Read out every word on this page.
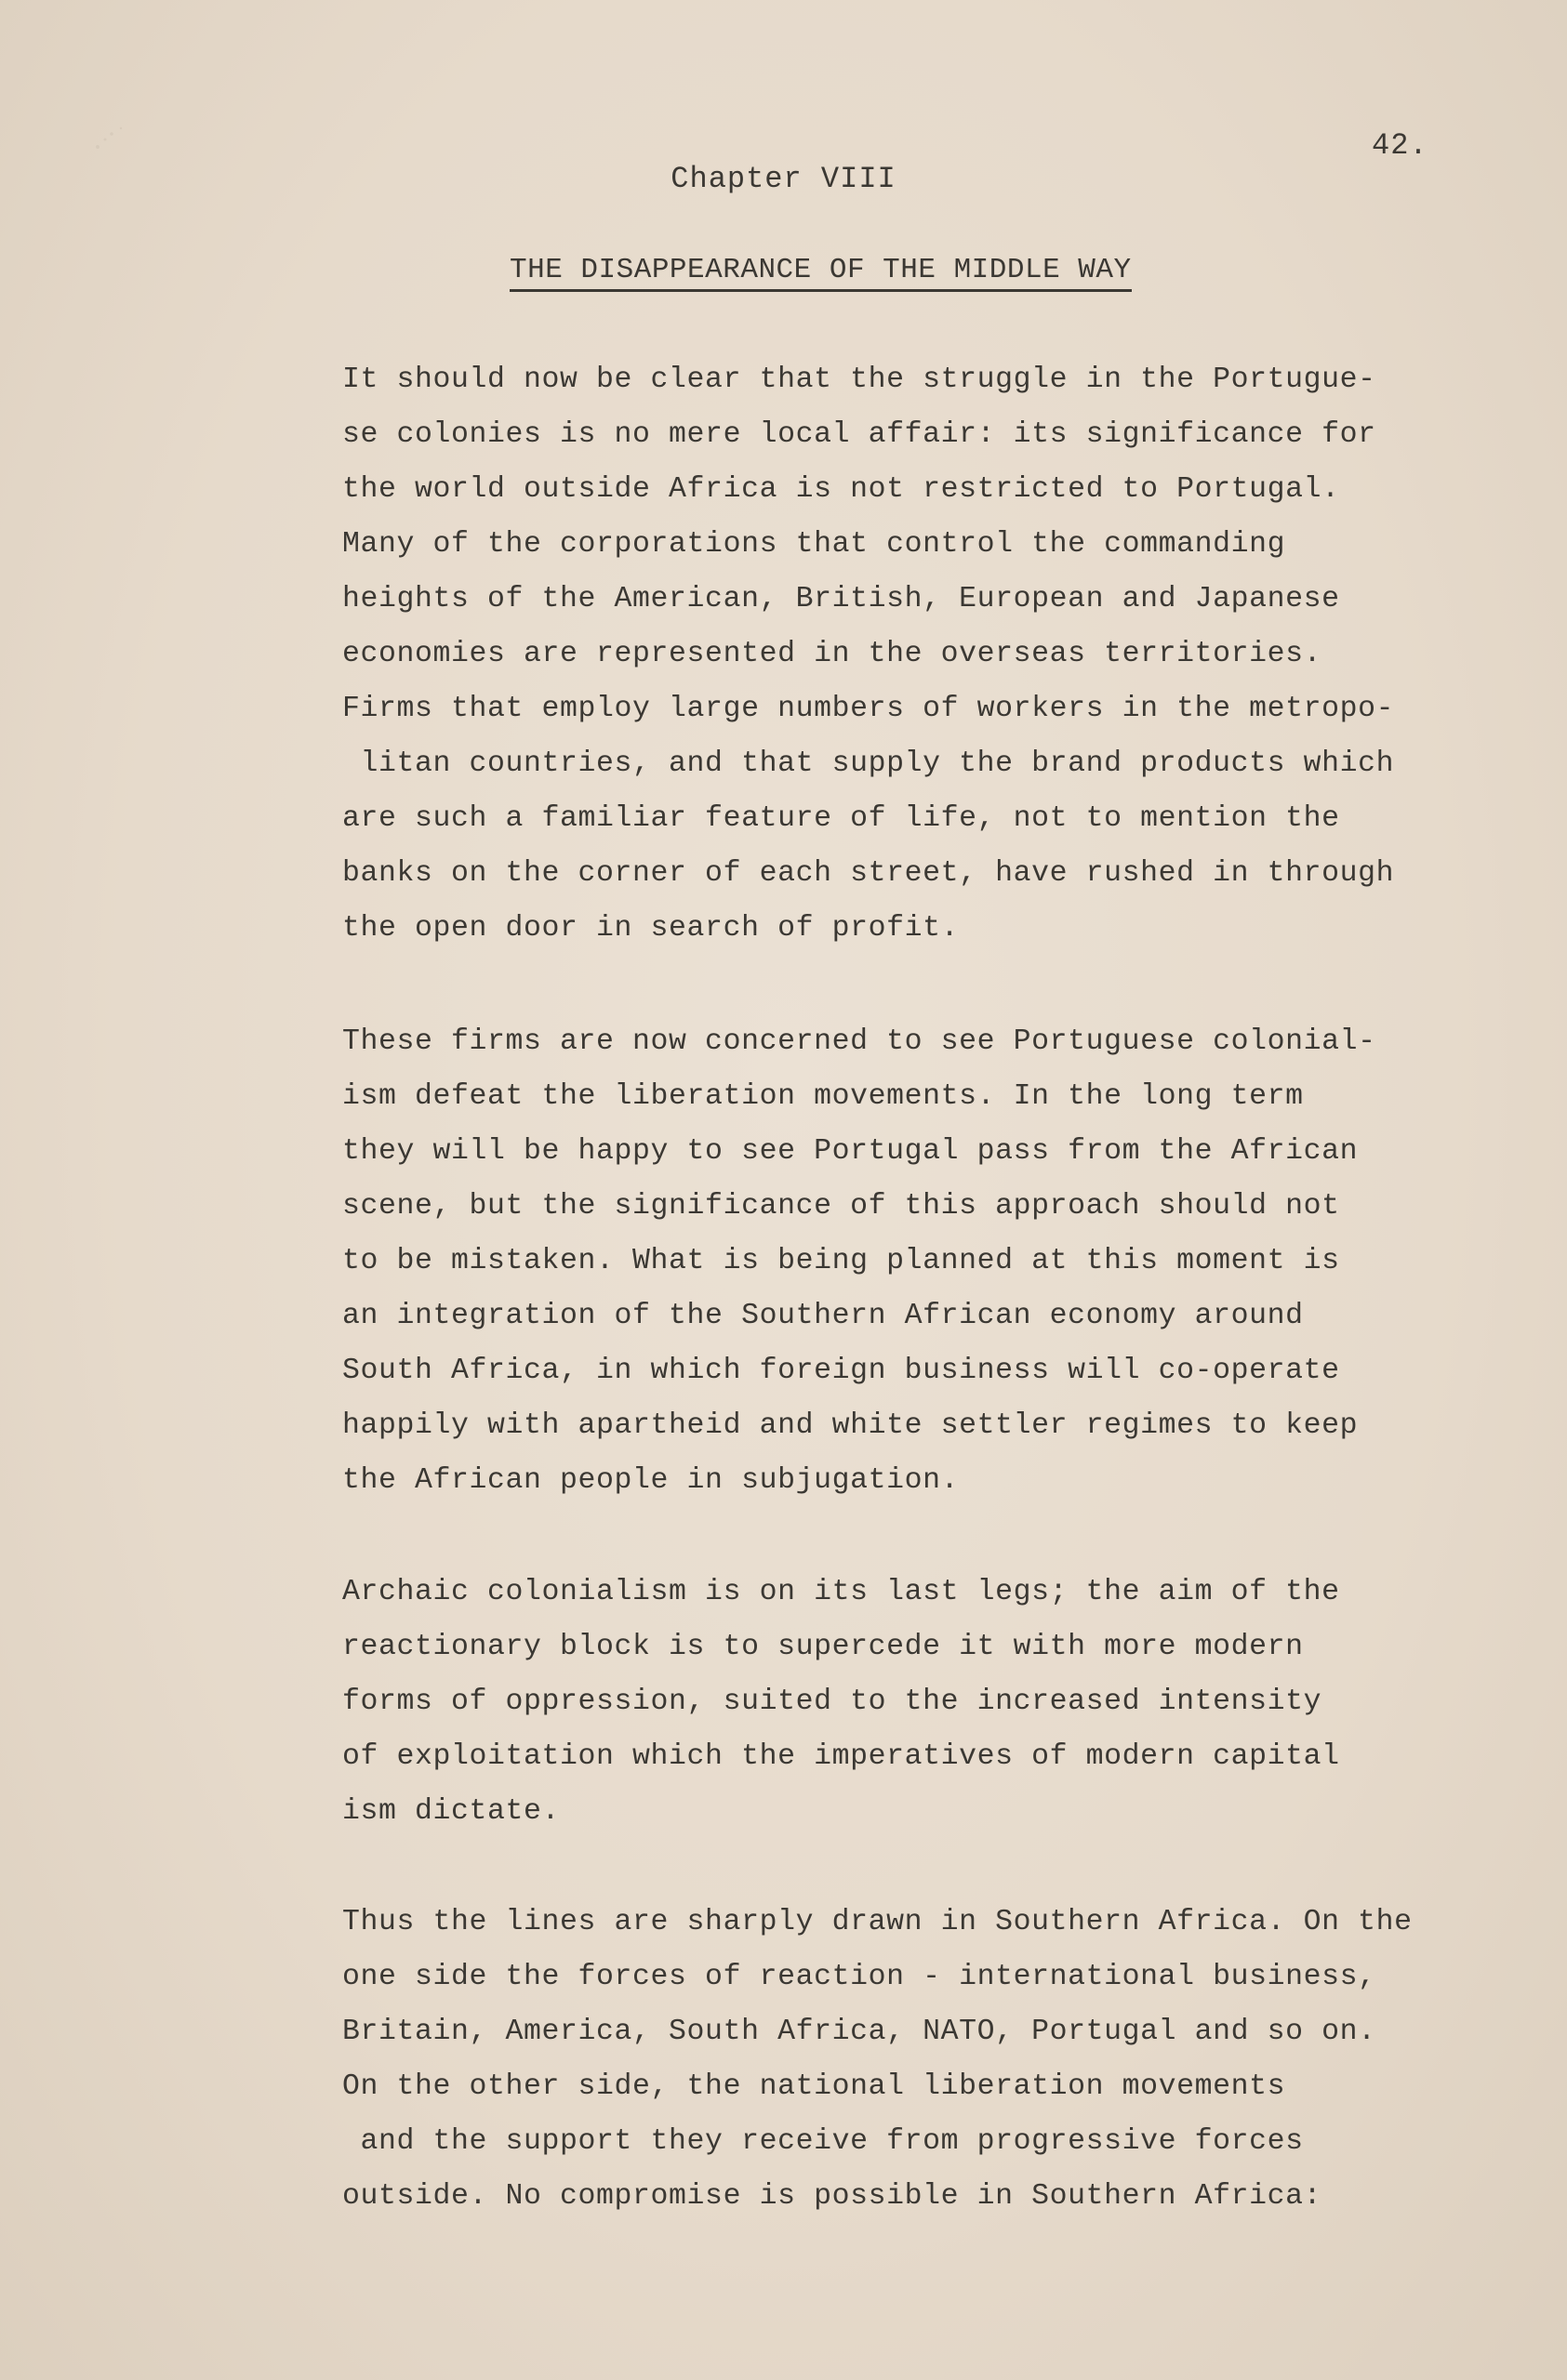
42.
Chapter VIII
THE DISAPPEARANCE OF THE MIDDLE WAY
It should now be clear that the struggle in the Portugue-
se colonies is no mere local affair: its significance for
the world outside Africa is not restricted to Portugal.
Many of the corporations that control the commanding
heights of the American, British, European and Japanese
economies are represented in the overseas territories.
Firms that employ large numbers of workers in the metropo-
litan countries, and that supply the brand products which
are such a familiar feature of life, not to mention the
banks on the corner of each street, have rushed in through
the open door in search of profit.
These firms are now concerned to see Portuguese colonial-
ism defeat the liberation movements. In the long term
they will be happy to see Portugal pass from the African
scene, but the significance of this approach should not
to be mistaken. What is being planned at this moment is
an integration of the Southern African economy around
South Africa, in which foreign business will co-operate
happily with apartheid and white settler regimes to keep
the African people in subjugation.
Archaic colonialism is on its last legs; the aim of the
reactionary block is to supercede it with more modern
forms of oppression, suited to the increased intensity
of exploitation which the imperatives of modern capital
ism dictate.
Thus the lines are sharply drawn in Southern Africa. On the
one side the forces of reaction - international business,
Britain, America, South Africa, NATO, Portugal and so on.
On the other side, the national liberation movements
and the support they receive from progressive forces
outside. No compromise is possible in Southern Africa:
